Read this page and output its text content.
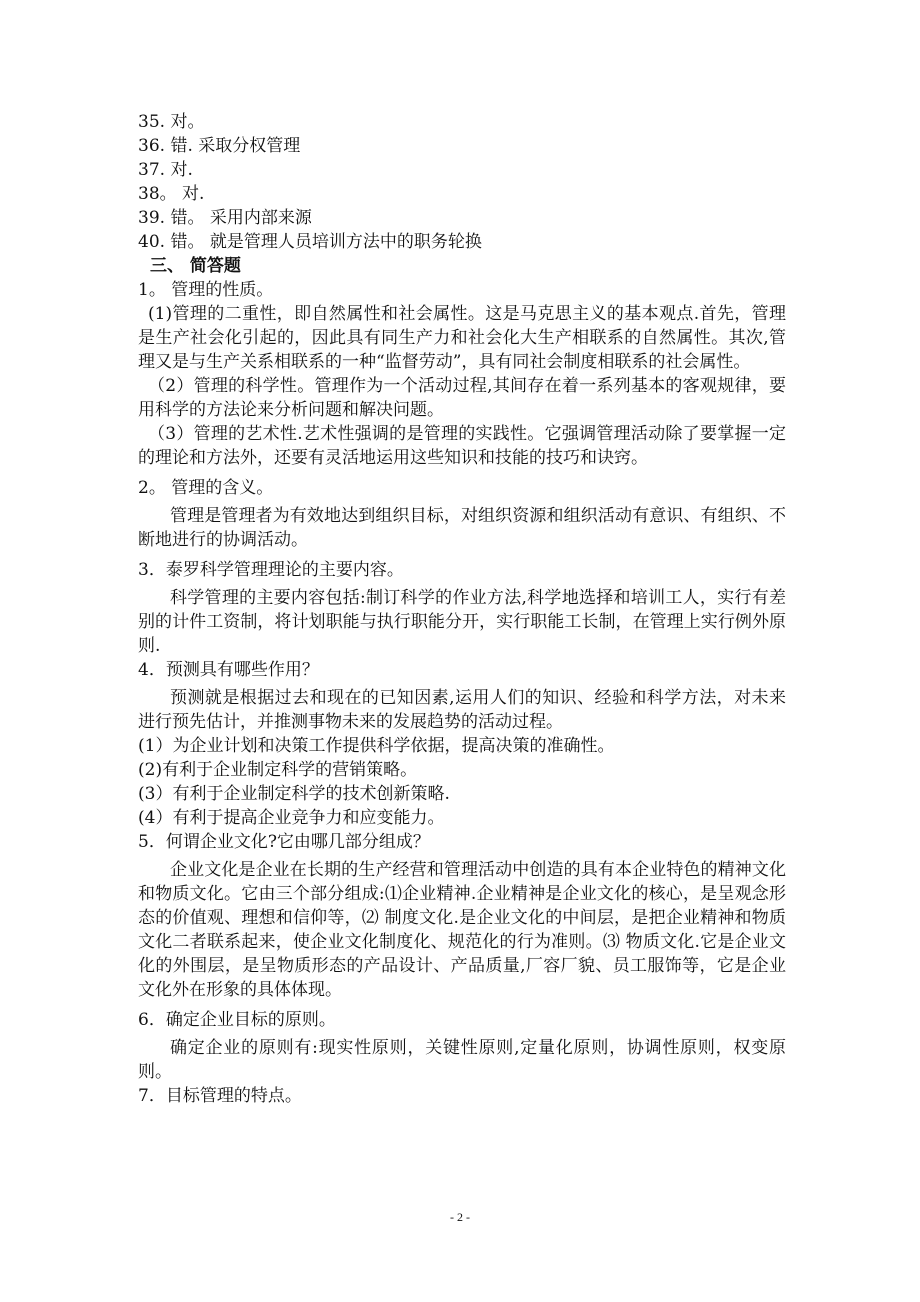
35. 对。
36. 错. 采取分权管理
37. 对.
38。 对.
39. 错。 采用内部来源
40. 错。 就是管理人员培训方法中的职务轮换
三、 简答题
1。 管理的性质。

(1)管理的二重性，即自然属性和社会属性。这是马克思主义的基本观点.首先，管理是生产社会化引起的，因此具有同生产力和社会化大生产相联系的自然属性。其次,管理又是与生产关系相联系的一种“监督劳动”，具有同社会制度相联系的社会属性。

（2）管理的科学性。管理作为一个活动过程,其间存在着一系列基本的客观规律，要用科学的方法论来分析问题和解决问题。

（3）管理的艺术性.艺术性强调的是管理的实践性。它强调管理活动除了要掌握一定的理论和方法外，还要有灵活地运用这些知识和技能的技巧和诀窍。

2。 管理的含义。

管理是管理者为有效地达到组织目标，对组织资源和组织活动有意识、有组织、不断地进行的协调活动。

3．泰罗科学管理理论的主要内容。

科学管理的主要内容包括:制订科学的作业方法,科学地选择和培训工人，实行有差别的计件工资制，将计划职能与执行职能分开，实行职能工长制，在管理上实行例外原则.

4．预测具有哪些作用？

预测就是根据过去和现在的已知因素,运用人们的知识、经验和科学方法，对未来进行预先估计，并推测事物未来的发展趋势的活动过程。

(1）为企业计划和决策工作提供科学依据，提高决策的准确性。
(2)有利于企业制定科学的营销策略。
(3）有利于企业制定科学的技术创新策略.
(4）有利于提高企业竞争力和应变能力。
5．何谓企业文化?它由哪几部分组成？

企业文化是企业在长期的生产经营和管理活动中创造的具有本企业特色的精神文化和物质文化。它由三个部分组成:⑴企业精神.企业精神是企业文化的核心，是呈观念形态的价值观、理想和信仰等，⑵ 制度文化.是企业文化的中间层，是把企业精神和物质文化二者联系起来，使企业文化制度化、规范化的行为准则。⑶ 物质文化.它是企业文化的外围层，是呈物质形态的产品设计、产品质量,厂容厂貌、员工服饰等，它是企业文化外在形象的具体体现。

6．确定企业目标的原则。

确定企业的原则有:现实性原则，关键性原则,定量化原则，协调性原则，权变原则。

7．目标管理的特点。
- 2 -
